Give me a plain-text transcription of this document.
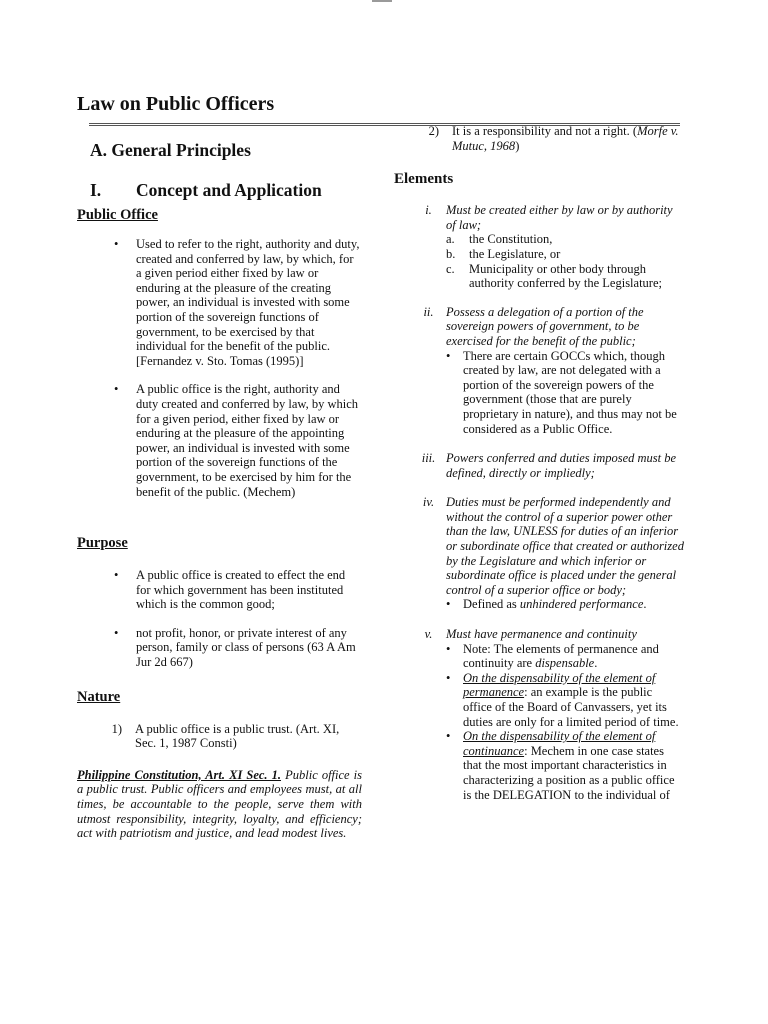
Law on Public Officers
A. General Principles
I.	Concept and Application
Public Office
• Used to refer to the right, authority and duty, created and conferred by law, by which, for a given period either fixed by law or enduring at the pleasure of the creating power, an individual is invested with some portion of the sovereign functions of government, to be exercised by that individual for the benefit of the public. [Fernandez v. Sto. Tomas (1995)]
• A public office is the right, authority and duty created and conferred by law, by which for a given period, either fixed by law or enduring at the pleasure of the appointing power, an individual is invested with some portion of the sovereign functions of the government, to be exercised by him for the benefit of the public. (Mechem)
Purpose
• A public office is created to effect the end for which government has been instituted which is the common good;
• not profit, honor, or private interest of any person, family or class of persons (63 A Am Jur 2d 667)
Nature
1) A public office is a public trust. (Art. XI, Sec. 1, 1987 Consti)

Philippine Constitution, Art. XI Sec. 1. Public office is a public trust. Public officers and employees must, at all times, be accountable to the people, serve them with utmost responsibility, integrity, loyalty, and efficiency; act with patriotism and justice, and lead modest lives.

2) It is a responsibility and not a right. (Morfe v. Mutuc, 1968)
Elements
i.	Must be created either by law or by authority of law;
a.	the Constitution,
b.	the Legislature, or
c.	Municipality or other body through authority conferred by the Legislature;
ii. Possess a delegation of a portion of the sovereign powers of government, to be exercised for the benefit of the public;
•	There are certain GOCCs which, though created by law, are not delegated with a portion of the sovereign powers of the government (those that are purely proprietary in nature), and thus may not be considered as a Public Office.
iii. Powers conferred and duties imposed must be defined, directly or impliedly;
iv. Duties must be performed independently and without the control of a superior power other than the law, UNLESS for duties of an inferior or subordinate office that created or authorized by the Legislature and which inferior or subordinate office is placed under the general control of a superior office or body;
•	Defined as unhindered performance.
v.	Must have permanence and continuity
•	Note: The elements of permanence and continuity are dispensable.
•	On the dispensability of the element of permanence: an example is the public office of the Board of Canvassers, yet its duties are only for a limited period of time.
•	On the dispensability of the element of continuance: Mechem in one case states that the most important characteristics in characterizing a position as a public office is the DELEGATION to the individual of
